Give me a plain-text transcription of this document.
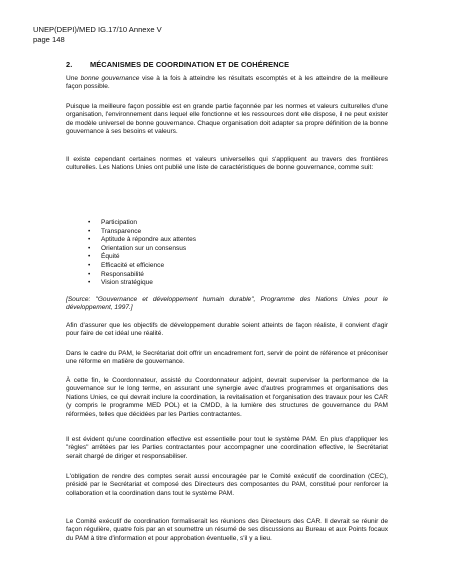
UNEP(DEPI)/MED IG.17/10 Annexe V
page 148
2. MÉCANISMES DE COORDINATION ET DE COHÉRENCE

Une bonne gouvernance vise à la fois à atteindre les résultats escomptés et à les atteindre de la meilleure façon possible.

Puisque la meilleure façon possible est en grande partie façonnée par les normes et valeurs culturelles d'une organisation, l'environnement dans lequel elle fonctionne et les ressources dont elle dispose, il ne peut exister de modèle universel de bonne gouvernance. Chaque organisation doit adapter sa propre définition de la bonne gouvernance à ses besoins et valeurs.

Il existe cependant certaines normes et valeurs universelles qui s'appliquent au travers des frontières culturelles. Les Nations Unies ont publié une liste de caractéristiques de bonne gouvernance, comme suit:

• Participation
• Transparence
• Aptitude à répondre aux attentes
• Orientation sur un consensus
• Équité
• Efficacité et efficience
• Responsabilité
• Vision stratégique

[Source: "Gouvernance et développement humain durable", Programme des Nations Unies pour le développement, 1997.]

Afin d'assurer que les objectifs de développement durable soient atteints de façon réaliste, il convient d'agir pour faire de cet idéal une réalité.

Dans le cadre du PAM, le Secrétariat doit offrir un encadrement fort, servir de point de référence et préconiser une réforme en matière de gouvernance.

À cette fin, le Coordonnateur, assisté du Coordonnateur adjoint, devrait superviser la performance de la gouvernance sur le long terme, en assurant une synergie avec d'autres programmes et organisations des Nations Unies, ce qui devrait inclure la coordination, la revitalisation et l'organisation des travaux pour les CAR (y compris le programme MED POL) et la CMDD, à la lumière des structures de gouvernance du PAM réformées, telles que décidées par les Parties contractantes.

Il est évident qu'une coordination effective est essentielle pour tout le système PAM. En plus d'appliquer les "règles" arrêtées par les Parties contractantes pour accompagner une coordination effective, le Secrétariat serait chargé de diriger et responsabiliser.

L'obligation de rendre des comptes serait aussi encouragée par le Comité exécutif de coordination (CEC), présidé par le Secrétariat et composé des Directeurs des composantes du PAM, constitué pour renforcer la collaboration et la coordination dans tout le système PAM.

Le Comité exécutif de coordination formaliserait les réunions des Directeurs des CAR. Il devrait se réunir de façon régulière, quatre fois par an et soumettre un résumé de ses discussions au Bureau et aux Points focaux du PAM à titre d'information et pour approbation éventuelle, s'il y a lieu.
